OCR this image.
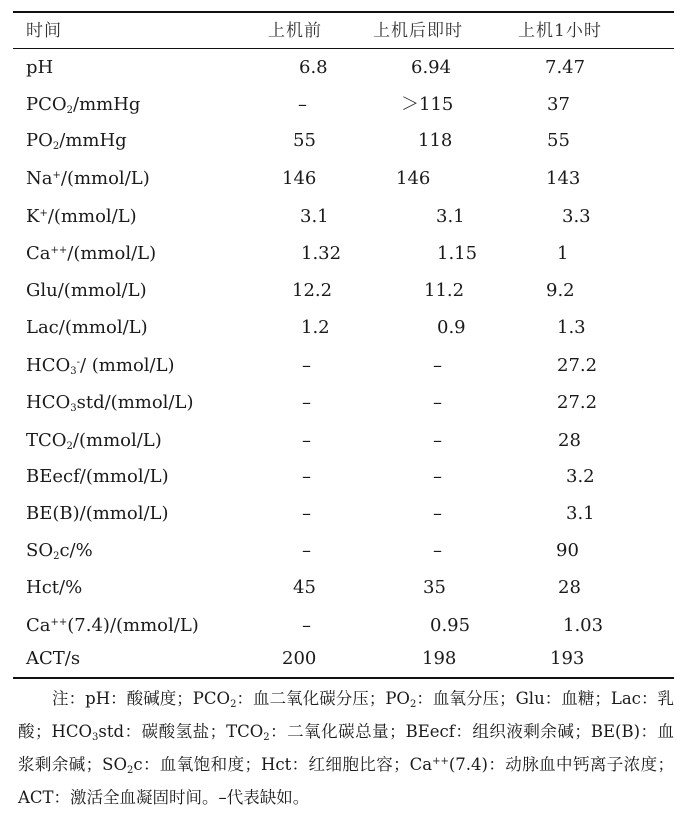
时间	上机前	上机后即时	上机1小时
pH	6.8	6.94	7.47
$PCO_2$/mmHg	–	＞115	37
$PO_2$/mmHg	55	118	55
Na+/(mmol/L)	146	146	143
K+/(mmol/L)	3.1	3.1	3.3
Ca++/(mmol/L)	1.32	1.15	1
Glu/(mmol/L)	12.2	11.2	9.2
Lac/(mmol/L)	1.2	0.9	1.3
$HCO_3^-/$ (mmol/L)	–	–	27.2
$HCO_3std/(mmol/L)$	–	–	27.2
$TCO_2/(mmol/L)$	–	–	28
BEecf/(mmol/L)	–	–	3.2
BE(B)/(mmol/L)	–	–	3.1
$SO_2c/\%$	–	–	90
Hct/%	45	35	28
Ca++(7.4)/(mmol/L)	–	0.95	1.03
ACT/s	200	198	193
注：pH：酸碱度；$PCO_2$：血二氧化碳分压；$PO_2$：血氧分压；Glu：血糖；Lac：乳酸；$HCO_3std$：碳酸氢盐；$TCO_2$：二氧化碳总量；BEecf：组织液剩余碱；BE(B)：血浆剩余碱；$SO_2c$：血氧饱和度；Hct：红细胞比容；Ca++(7.4)：动脉血中钙离子浓度；ACT：激活全血凝固时间。–代表缺如。
